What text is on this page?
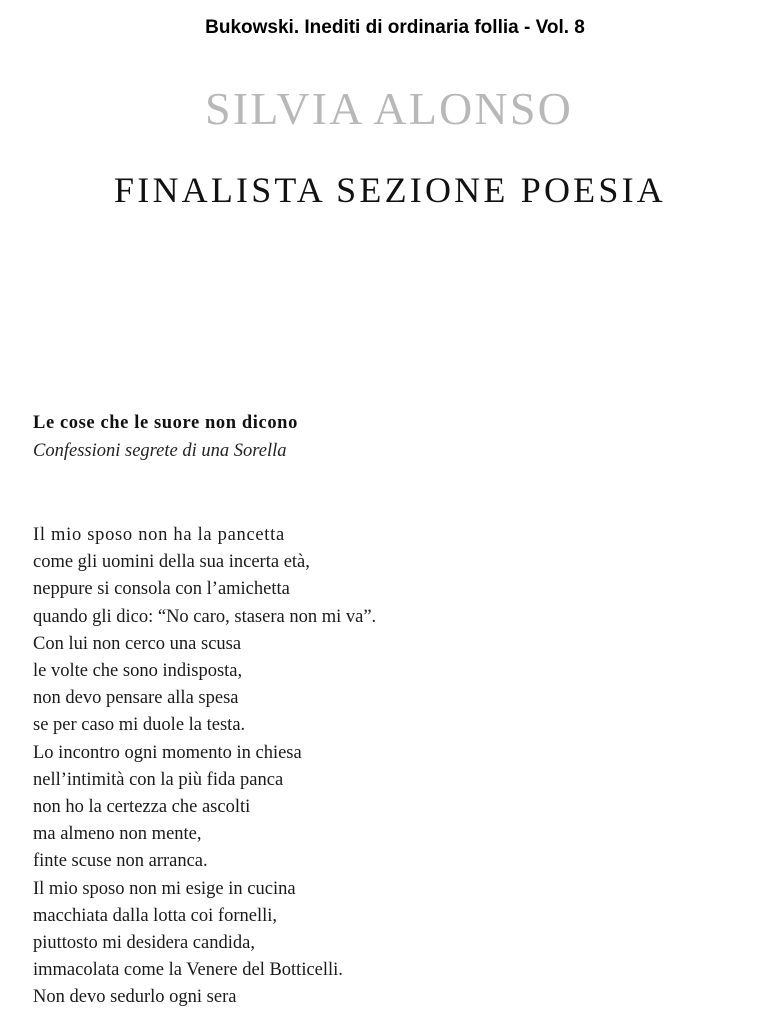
Bukowski. Inediti di ordinaria follia - Vol. 8
SILVIA ALONSO
FINALISTA SEZIONE POESIA
Le cose che le suore non dicono
Confessioni segrete di una Sorella
Il mio sposo non ha la pancetta
come gli uomini della sua incerta età,
neppure si consola con l’amichetta
quando gli dico: “No caro, stasera non mi va”.
Con lui non cerco una scusa
le volte che sono indisposta,
non devo pensare alla spesa
se per caso mi duole la testa.
Lo incontro ogni momento in chiesa
nell’intimità con la più fida panca
non ho la certezza che ascolti
ma almeno non mente,
finte scuse non arranca.
Il mio sposo non mi esige in cucina
macchiata dalla lotta coi fornelli,
piuttosto mi desidera candida,
immacolata come la Venere del Botticelli.
Non devo sedurlo ogni sera
